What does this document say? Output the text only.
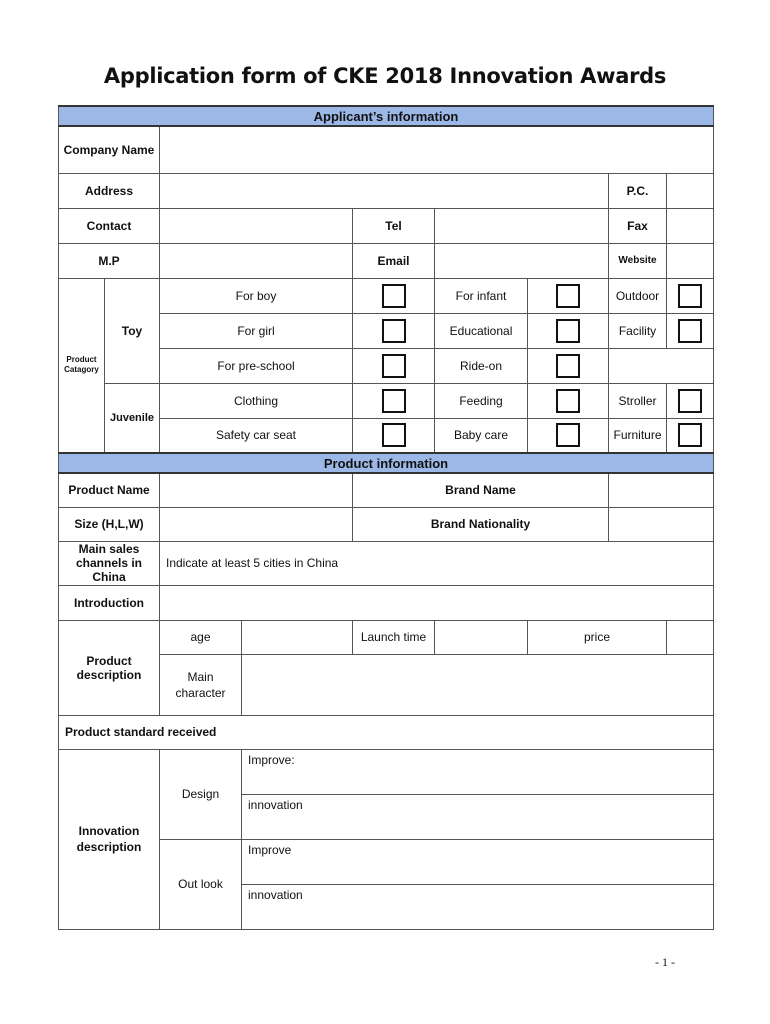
Application form of CKE 2018 Innovation Awards
Applicant’s information								
Company Name								
Address							P.C.	
Contact				Tel			Fax	
M.P				Email			Website	
Product Catagory	Toy	For boy			For infant		Outdoor	
		For girl			Educational		Facility	
		For pre-school			Ride-on			
	Juvenile	Clothing			Feeding		Stroller	
		Safety car seat			Baby care		Furniture	
Product information								
Product Name				Brand Name				
Size (H,L,W)				Brand Nationality				
Main sales channels in China		Indicate at least 5 cities in China						
Introduction								
Product description		age		Launch time		price		
		Main character						
Product standard received								
Innovation description		Design	Improve:					
			innovation					
		Out look	Improve					
			innovation					
- 1 -
